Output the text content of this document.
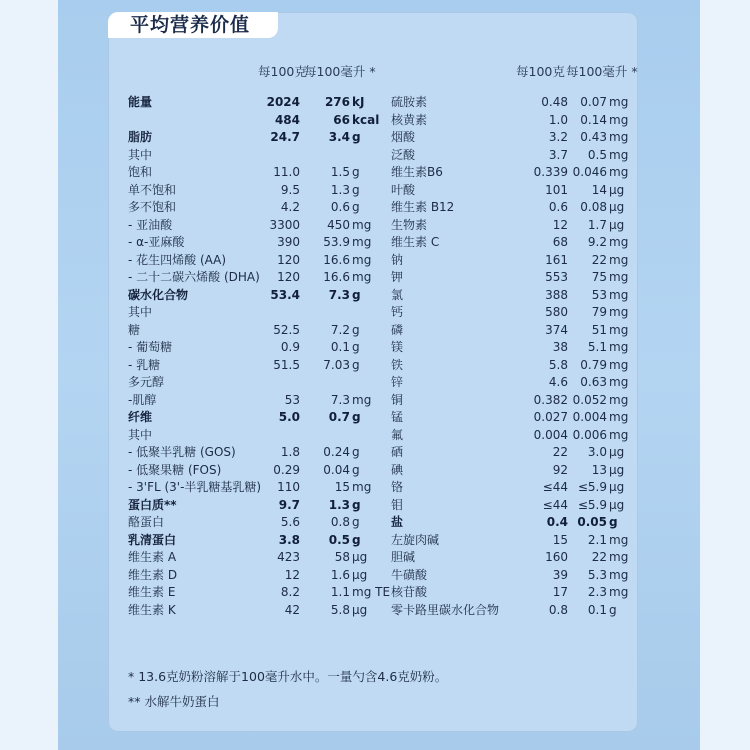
平均营养价值
每100克
每100毫升 *	每100克 每100毫升 *
能量	2024	276 kJ
484	66 kcal
脂肪	24.7	3.4 g
其中
饱和	11.0	1.5 g
单不饱和	9.5	1.3 g
多不饱和	4.2	0.6 g
- 亚油酸	3300	450 mg
- α-亚麻酸	390	53.9 mg
- 花生四烯酸 (AA)	120	16.6 mg
- 二十二碳六烯酸 (DHA)	120	16.6 mg
碳水化合物	53.4	7.3 g
其中
糖	52.5	7.2 g
- 葡萄糖	0.9	0.1 g
- 乳糖	51.5	7.03 g
多元醇
-肌醇	53	7.3 mg
纤维	5.0	0.7 g
其中
- 低聚半乳糖 (GOS)	1.8	0.24 g
- 低聚果糖 (FOS)	0.29	0.04 g
- 3'FL (3'-半乳糖基乳糖)	110	15 mg
蛋白质**	9.7	1.3 g
酪蛋白	5.6	0.8 g
乳清蛋白	3.8	0.5 g
维生素 A	423	58 µg
维生素 D	12	1.6 µg
维生素 E	8.2	1.1 mg TE
维生素 K	42	5.8 µg
硫胺素	0.48	0.07 mg
核黄素	1.0	0.14 mg
烟酸	3.2	0.43 mg
泛酸	3.7	0.5 mg
维生素B6	0.339 0.046 mg
叶酸	101	14 µg
维生素 B12	0.6	0.08 µg
生物素	12	1.7 µg
维生素 C	68	9.2 mg
钠	161	22 mg
钾	553	75 mg
氯	388	53 mg
钙	580	79 mg
磷	374	51 mg
镁	38	5.1 mg
铁	5.8	0.79 mg
锌	4.6	0.63 mg
铜	0.382 0.052 mg
锰	0.027 0.004 mg
氟	0.004 0.006 mg
硒	22	3.0 µg
碘	92	13 µg
铬	≤44 ≤5.9 µg
钼	≤44 ≤5.9 µg
盐	0.4 0.05 g
左旋肉碱	15	2.1 mg
胆碱	160	22 mg
牛磺酸	39	5.3 mg
核苷酸	17	2.3 mg
零卡路里碳水化合物	0.8	0.1 g
* 13.6克奶粉溶解于100毫升水中。一量勺含4.6克奶粉。
** 水解牛奶蛋白
